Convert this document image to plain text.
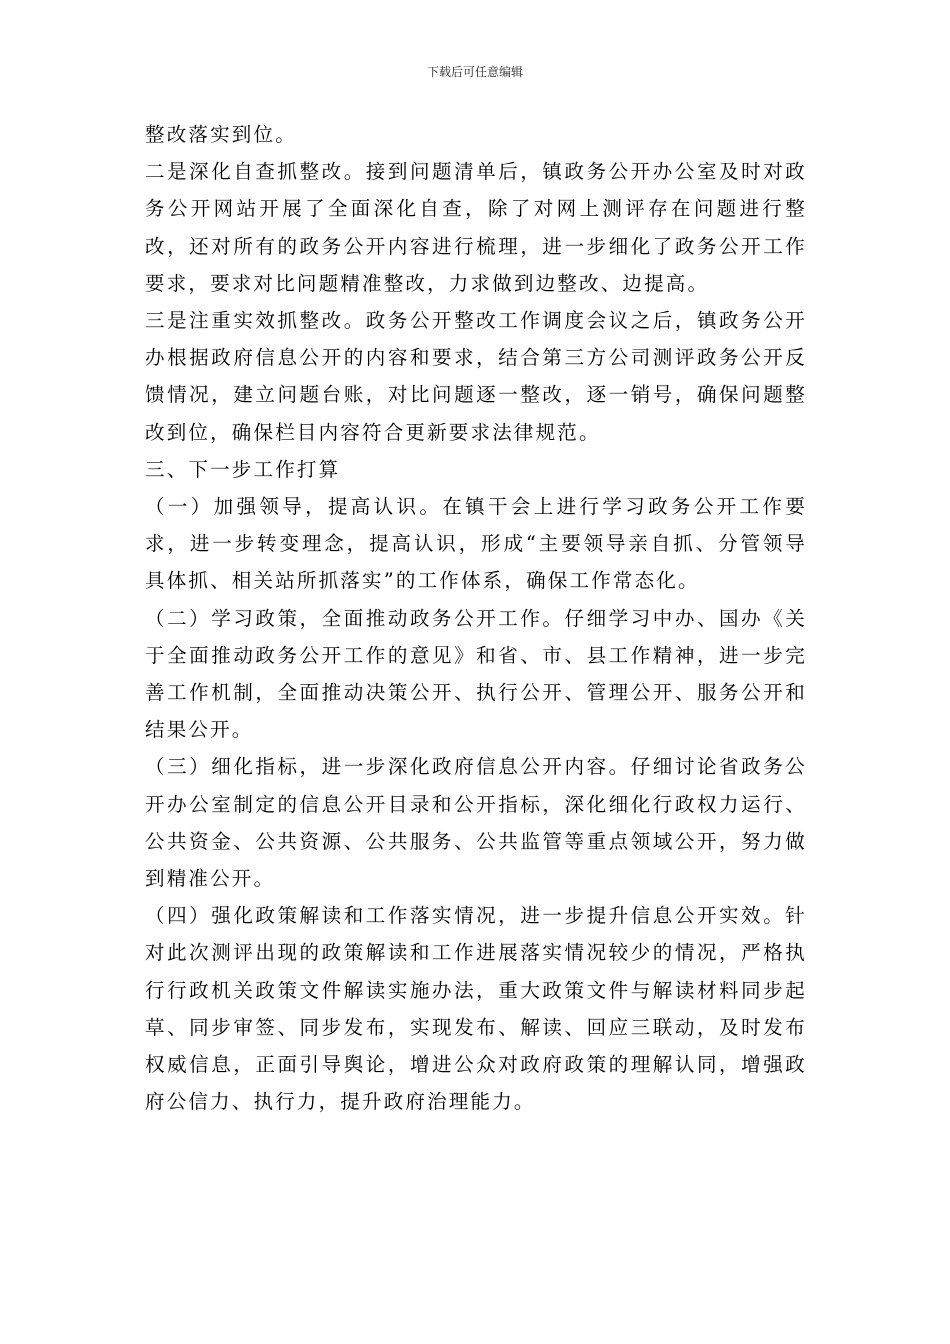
下载后可任意编辑

整改落实到位。

二是深化自查抓整改。接到问题清单后，镇政务公开办公室及时对政务公开网站开展了全面深化自查，除了对网上测评存在问题进行整改，还对所有的政务公开内容进行梳理，进一步细化了政务公开工作要求，要求对比问题精准整改，力求做到边整改、边提高。

三是注重实效抓整改。政务公开整改工作调度会议之后，镇政务公开办根据政府信息公开的内容和要求，结合第三方公司测评政务公开反馈情况，建立问题台账，对比问题逐一整改，逐一销号，确保问题整改到位，确保栏目内容符合更新要求法律规范。

三、下一步工作打算

（一）加强领导，提高认识。在镇干会上进行学习政务公开工作要求，进一步转变理念，提高认识，形成“主要领导亲自抓、分管领导具体抓、相关站所抓落实”的工作体系，确保工作常态化。

（二）学习政策，全面推动政务公开工作。仔细学习中办、国办《关于全面推动政务公开工作的意见》和省、市、县工作精神，进一步完善工作机制，全面推动决策公开、执行公开、管理公开、服务公开和结果公开。

（三）细化指标，进一步深化政府信息公开内容。仔细讨论省政务公开办公室制定的信息公开目录和公开指标，深化细化行政权力运行、公共资金、公共资源、公共服务、公共监管等重点领域公开，努力做到精准公开。

（四）强化政策解读和工作落实情况，进一步提升信息公开实效。针对此次测评出现的政策解读和工作进展落实情况较少的情况，严格执行行政机关政策文件解读实施办法，重大政策文件与解读材料同步起草、同步审签、同步发布，实现发布、解读、回应三联动，及时发布权威信息，正面引导舆论，增进公众对政府政策的理解认同，增强政府公信力、执行力，提升政府治理能力。
